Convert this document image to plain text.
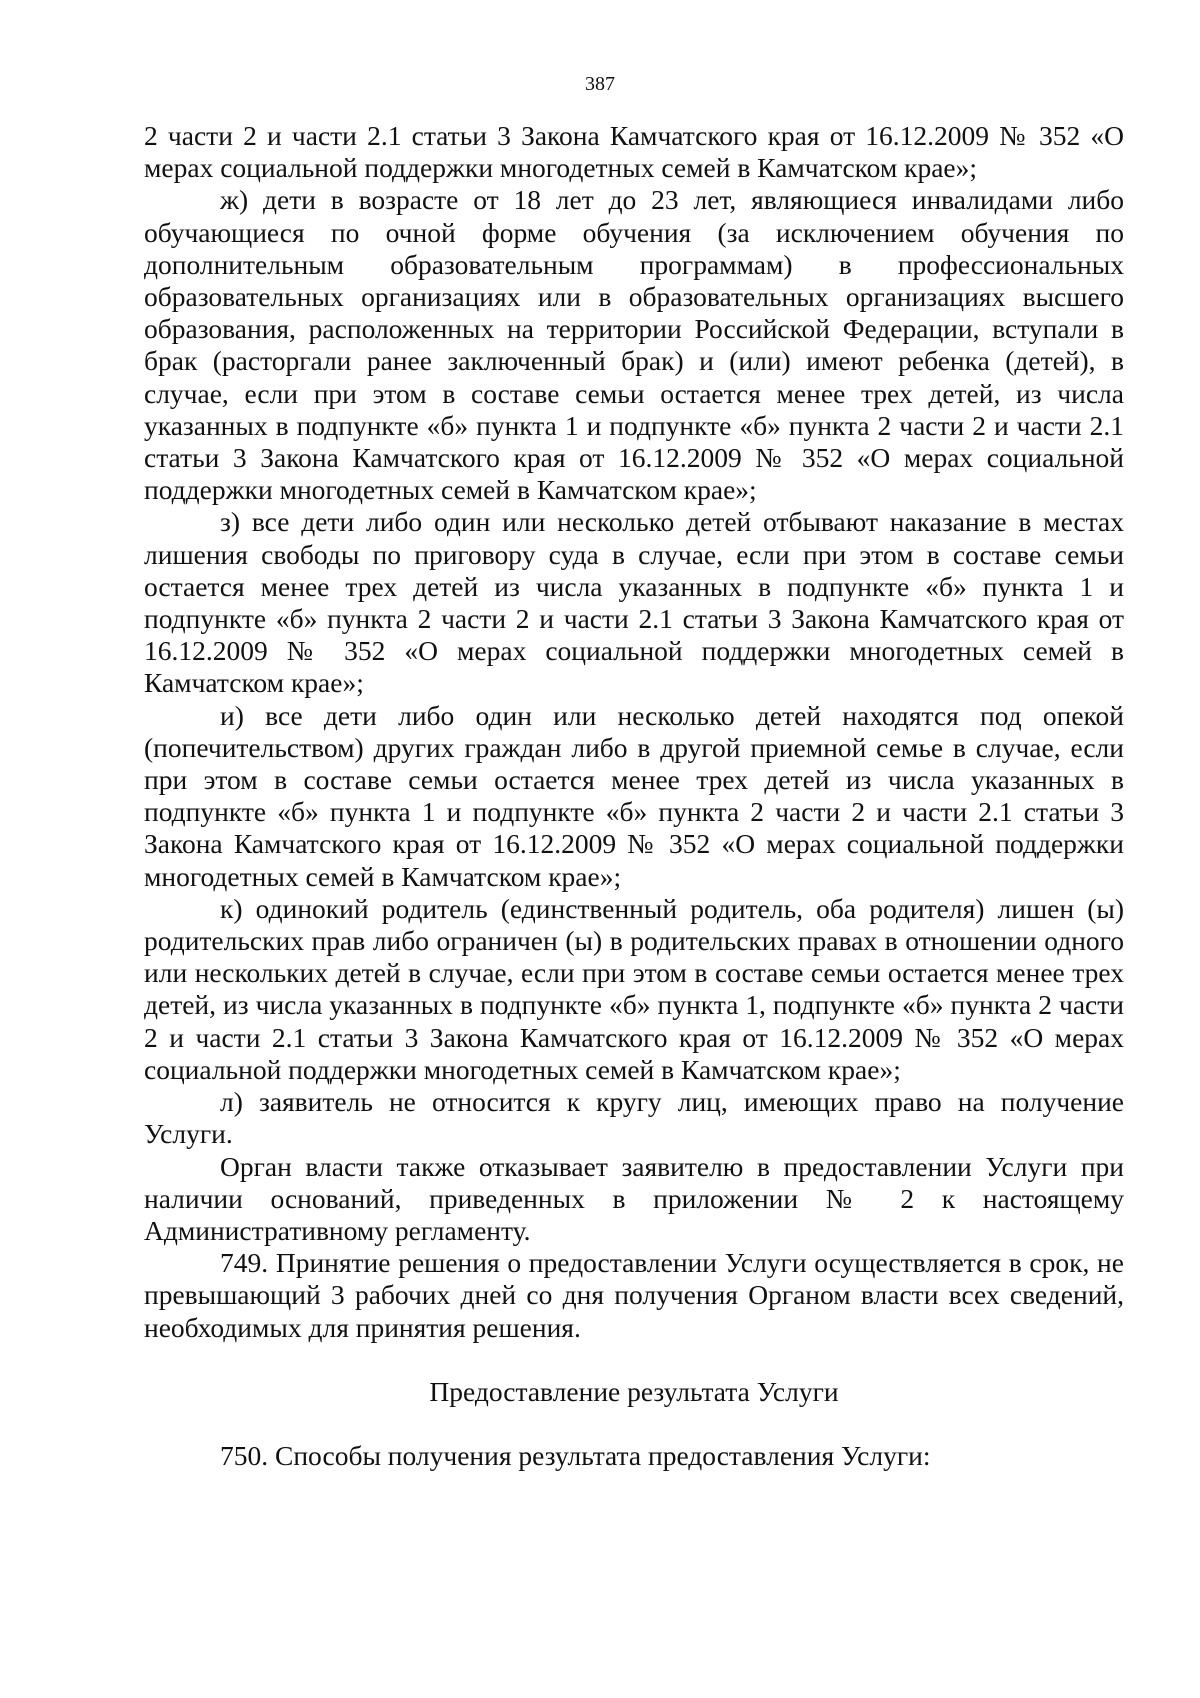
387

2 части 2 и части 2.1 статьи 3 Закона Камчатского края от 16.12.2009 № 352 «О мерах социальной поддержки многодетных семей в Камчатском крае»;

ж) дети в возрасте от 18 лет до 23 лет, являющиеся инвалидами либо обучающиеся по очной форме обучения (за исключением обучения по дополнительным образовательным программам) в профессиональных образовательных организациях или в образовательных организациях высшего образования, расположенных на территории Российской Федерации, вступали в брак (расторгали ранее заключенный брак) и (или) имеют ребенка (детей), в случае, если при этом в составе семьи остается менее трех детей, из числа указанных в подпункте «б» пункта 1 и подпункте «б» пункта 2 части 2 и части 2.1 статьи 3 Закона Камчатского края от 16.12.2009 № 352 «О мерах социальной поддержки многодетных семей в Камчатском крае»;

з) все дети либо один или несколько детей отбывают наказание в местах лишения свободы по приговору суда в случае, если при этом в составе семьи остается менее трех детей из числа указанных в подпункте «б» пункта 1 и подпункте «б» пункта 2 части 2 и части 2.1 статьи 3 Закона Камчатского края от 16.12.2009 № 352 «О мерах социальной поддержки многодетных семей в Камчатском крае»;

и) все дети либо один или несколько детей находятся под опекой (попечительством) других граждан либо в другой приемной семье в случае, если при этом в составе семьи остается менее трех детей из числа указанных в подпункте «б» пункта 1 и подпункте «б» пункта 2 части 2 и части 2.1 статьи 3 Закона Камчатского края от 16.12.2009 № 352 «О мерах социальной поддержки многодетных семей в Камчатском крае»;

к) одинокий родитель (единственный родитель, оба родителя) лишен (ы) родительских прав либо ограничен (ы) в родительских правах в отношении одного или нескольких детей в случае, если при этом в составе семьи остается менее трех детей, из числа указанных в подпункте «б» пункта 1, подпункте «б» пункта 2 части 2 и части 2.1 статьи 3 Закона Камчатского края от 16.12.2009 № 352 «О мерах социальной поддержки многодетных семей в Камчатском крае»;

л) заявитель не относится к кругу лиц, имеющих право на получение Услуги.

Орган власти также отказывает заявителю в предоставлении Услуги при наличии оснований, приведенных в приложении № 2 к настоящему Административному регламенту.

749. Принятие решения о предоставлении Услуги осуществляется в срок, не превышающий 3 рабочих дней со дня получения Органом власти всех сведений, необходимых для принятия решения.

Предоставление результата Услуги

750. Способы получения результата предоставления Услуги:
